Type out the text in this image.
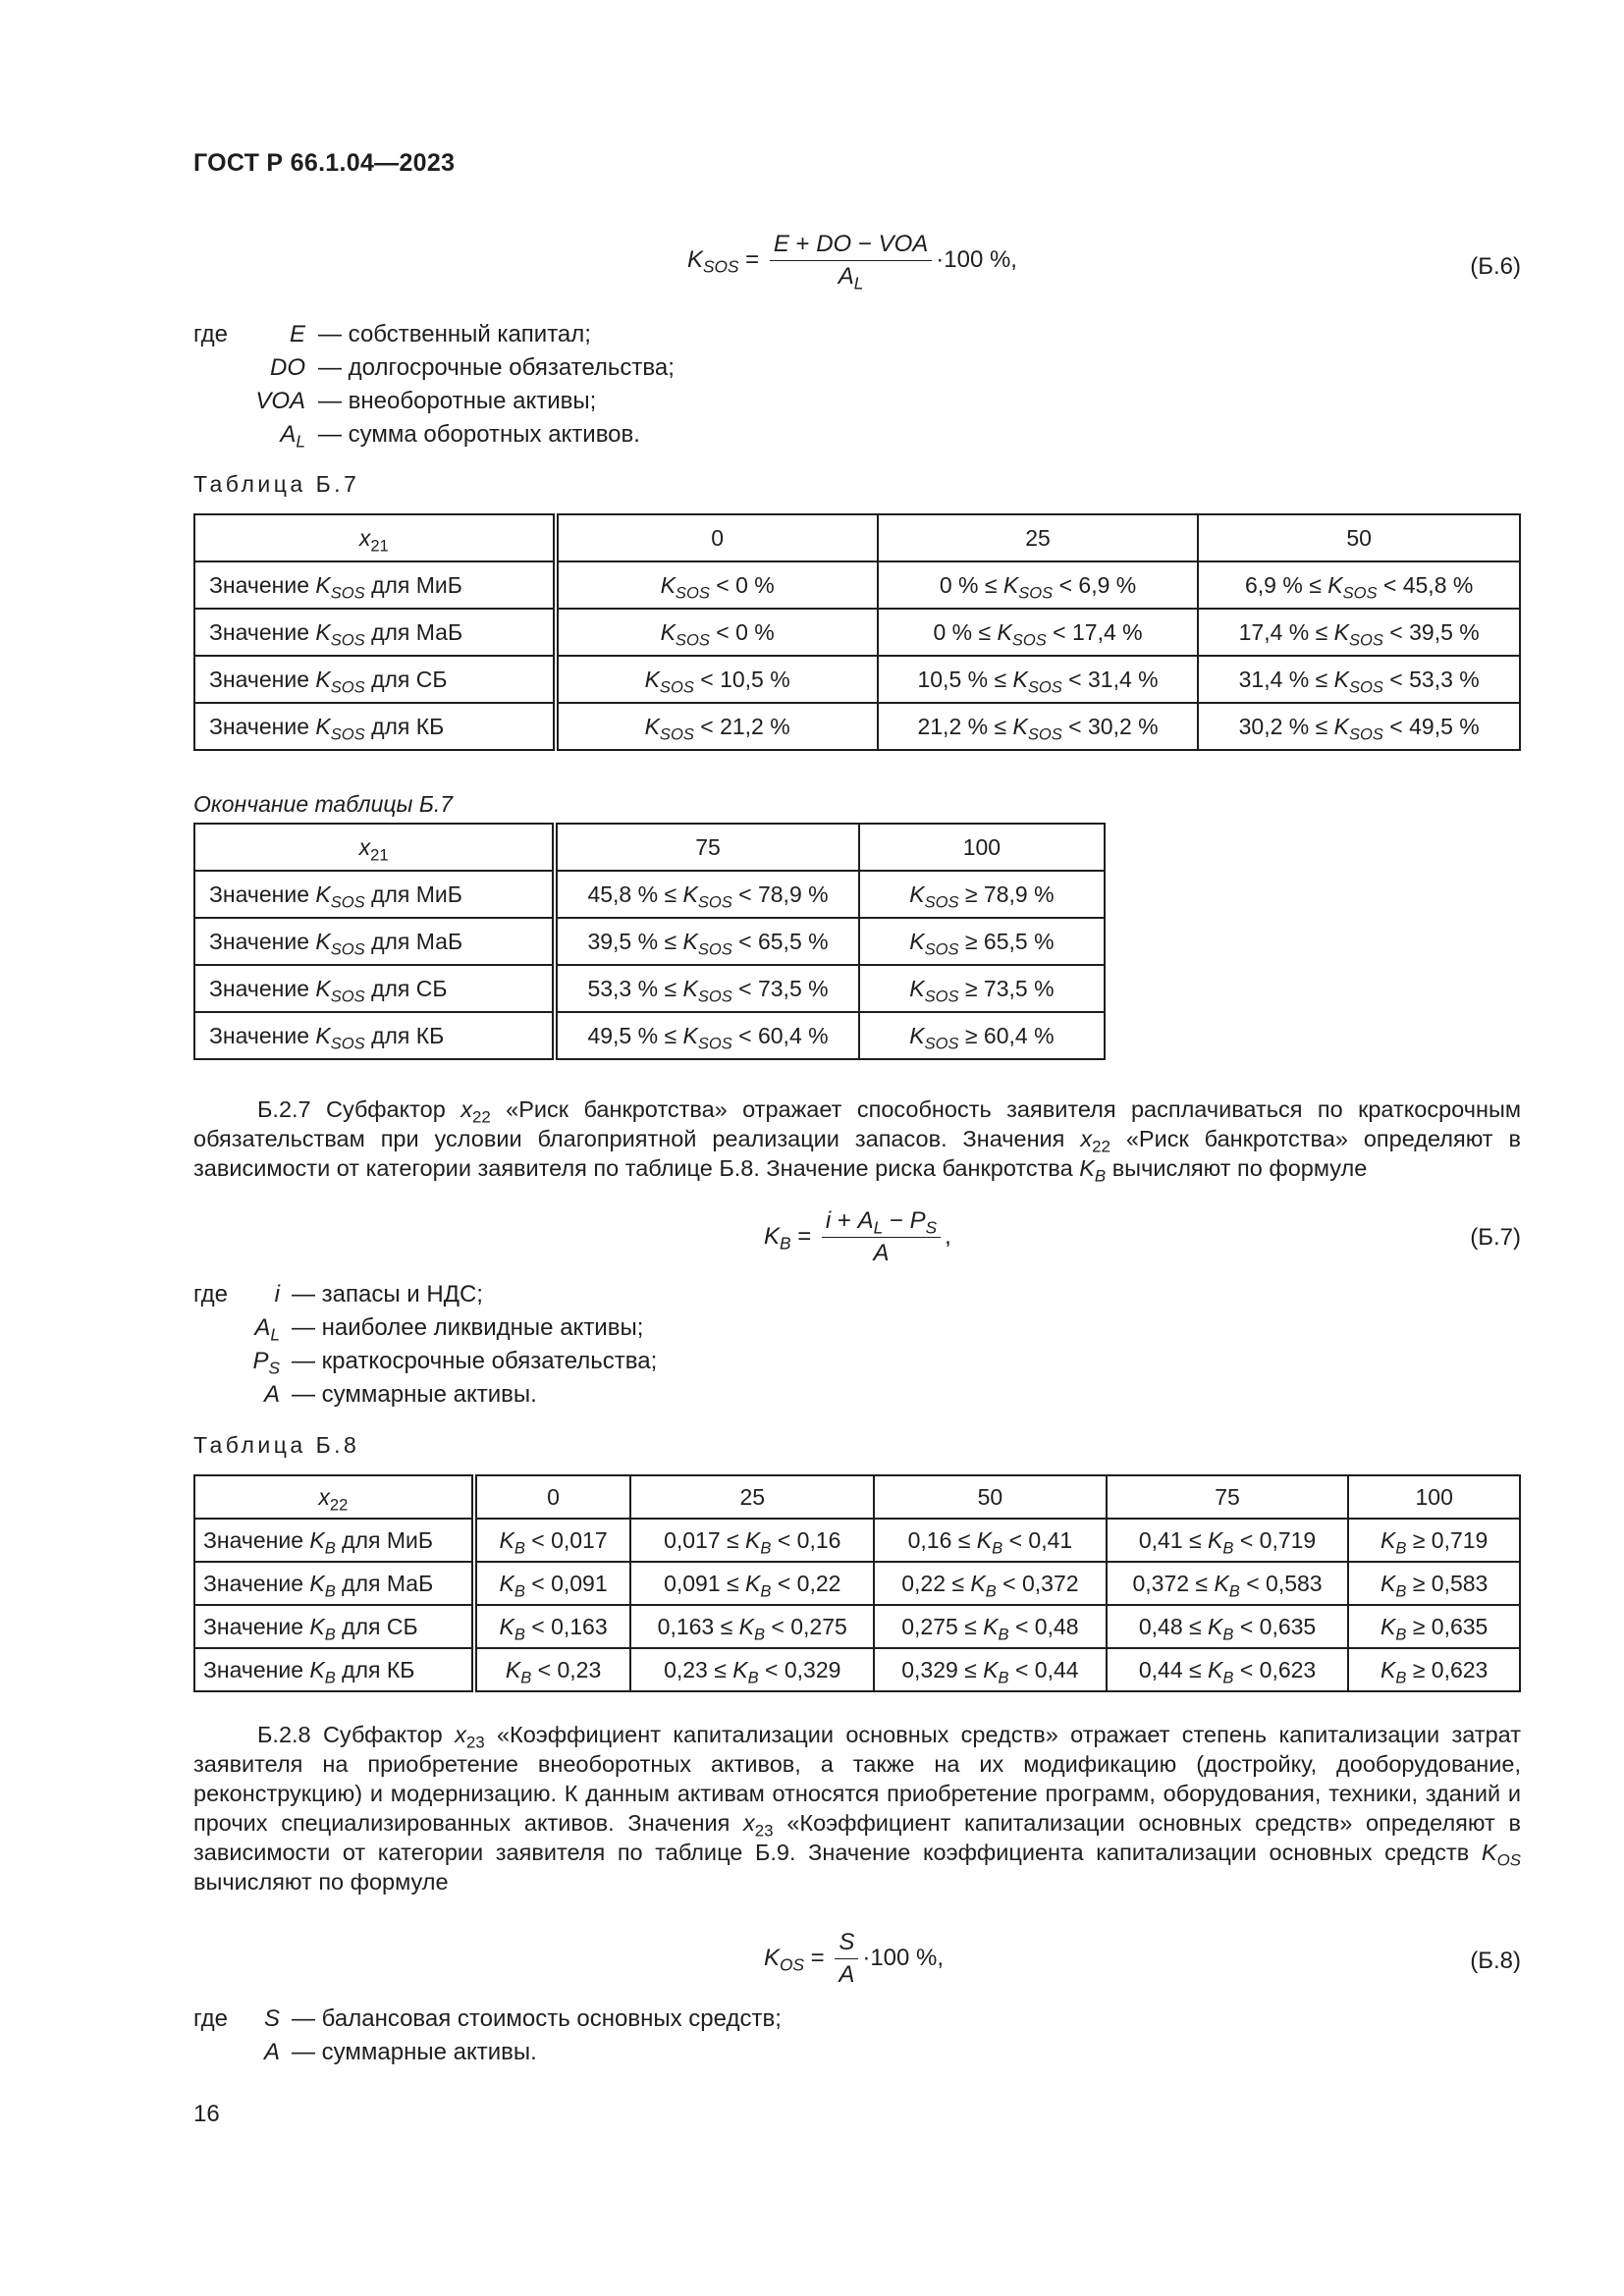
ГОСТ Р 66.1.04—2023
$K_{SOS} = \frac{\text{E + DO − VOA}}{A_L} \cdot 100$ %,	(Б.6)
где	E — собственный капитал;
DO — долгосрочные обязательства;
VOA — внеоборотные активы;
$A_L$ — сумма оборотных активов.
Таблица Б.7
$x_{21}$	0	25	50
Значение $K_{SOS}$ для МиБ	$K_{SOS} < 0$ %	0 % ≤ $K_{SOS} < 6,9$ %	6,9 % ≤ $K_{SOS} < 45,8$ %
Значение $K_{SOS}$ для МаБ	$K_{SOS} < 0$ %	0 % ≤ $K_{SOS} < 17,4$ %	17,4 % ≤ $K_{SOS} < 39,5$ %
Значение $K_{SOS}$ для СБ	$K_{SOS} < 10,5$ %	10,5 % ≤ $K_{SOS} < 31,4$ %	31,4 % ≤ $K_{SOS} < 53,3$ %
Значение $K_{SOS}$ для КБ	$K_{SOS} < 21,2$ %	21,2 % ≤ $K_{SOS} < 30,2$ %	30,2 % ≤ $K_{SOS} < 49,5$ %
Окончание таблицы Б.7
$x_{21}$	75	100
Значение $K_{SOS}$ для МиБ	45,8 % ≤ $K_{SOS} < 78,9$ %	$K_{SOS} \ge 78,9$ %
Значение $K_{SOS}$ для МаБ	39,5 % ≤ $K_{SOS} < 65,5$ %	$K_{SOS} \ge 65,5$ %
Значение $K_{SOS}$ для СБ	53,3 % ≤ $K_{SOS} < 73,5$ %	$K_{SOS} \ge 73,5$ %
Значение $K_{SOS}$ для КБ	49,5 % ≤ $K_{SOS} < 60,4$ %	$K_{SOS} \ge 60,4$ %
Б.2.7 Субфактор $x_{22}$ «Риск банкротства» отражает способность заявителя расплачиваться по краткосрочным обязательствам при условии благоприятной реализации запасов. Значения $x_{22}$ «Риск банкротства» определяют в зависимости от категории заявителя по таблице Б.8. Значение риска банкротства $K_B$ вычисляют по формуле
$K_B = \frac{i + A_L - P_S}{A}$ ,	(Б.7)
где	i — запасы и НДС;
$A_L$ — наиболее ликвидные активы;
$P_S$ — краткосрочные обязательства;
A — суммарные активы.
Таблица Б.8
$x_{22}$	0	25	50	75	100
Значение $K_B$ для МиБ	$K_B < 0,017$	$0,017 \le K_B < 0,16$	$0,16 \le K_B < 0,41$	$0,41 \le K_B < 0,719$	$K_B \ge 0,719$
Значение $K_B$ для МаБ	$K_B < 0,091$	$0,091 \le K_B < 0,22$	$0,22 \le K_B < 0,372$	$0,372 \le K_B < 0,583$	$K_B \ge 0,583$
Значение $K_B$ для СБ	$K_B < 0,163$	$0,163 \le K_B < 0,275$	$0,275 \le K_B < 0,48$	$0,48 \le K_B < 0,635$	$K_B \ge 0,635$
Значение $K_B$ для КБ	$K_B < 0,23$	$0,23 \le K_B < 0,329$	$0,329 \le K_B < 0,44$	$0,44 \le K_B < 0,623$	$K_B \ge 0,623$
Б.2.8 Субфактор $x_{23}$ «Коэффициент капитализации основных средств» отражает степень капитализации затрат заявителя на приобретение внеоборотных активов, а также на их модификацию (достройку, дооборудование, реконструкцию) и модернизацию. К данным активам относятся приобретение программ, оборудования, техники, зданий и прочих специализированных активов. Значения $x_{23}$ «Коэффициент капитализации основных средств» определяют в зависимости от категории заявителя по таблице Б.9. Значение коэффициента капитализации основных средств $K_{OS}$ вычисляют по формуле
$K_{OS} = \frac{S}{A} \cdot 100$ %,	(Б.8)
где	S — балансовая стоимость основных средств;
A — суммарные активы.
16
